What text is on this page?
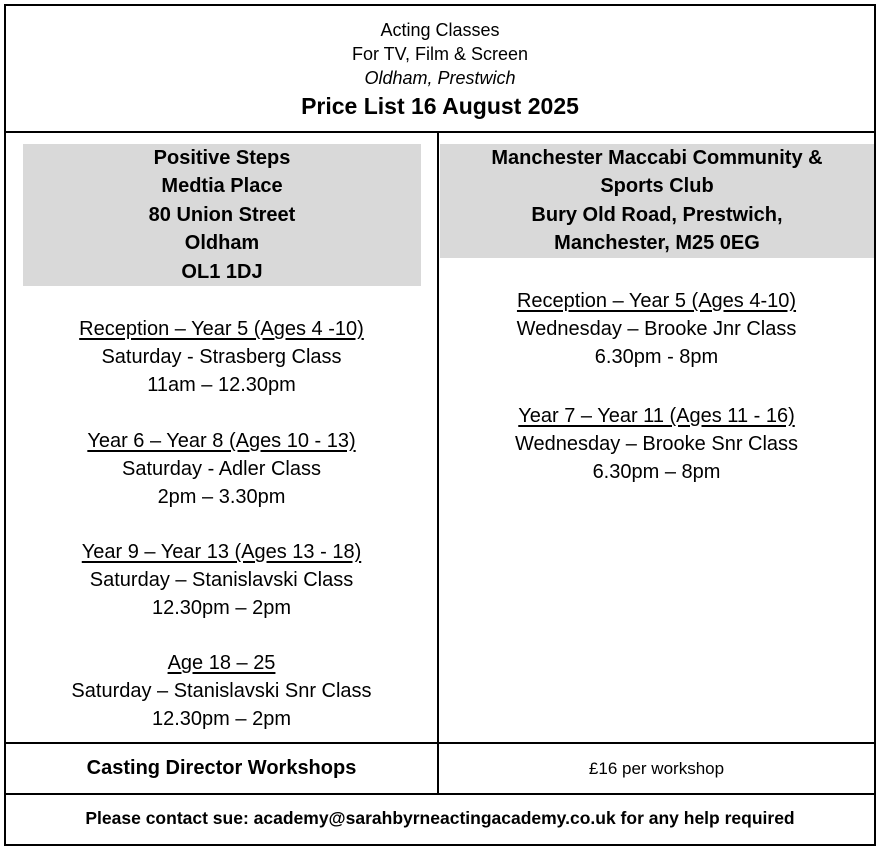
Acting Classes
For TV, Film & Screen
Oldham, Prestwich
Price List 16 August 2025
Positive Steps
Medtia Place
80 Union Street
Oldham
OL1 1DJ
Reception – Year 5 (Ages 4 -10)
Saturday - Strasberg Class
11am – 12.30pm
Year 6 – Year 8 (Ages 10 - 13)
Saturday - Adler Class
2pm – 3.30pm
Year 9 – Year 13 (Ages 13 - 18)
Saturday – Stanislavski Class
12.30pm – 2pm
Age 18 – 25
Saturday – Stanislavski Snr Class
12.30pm – 2pm
Manchester Maccabi Community &
Sports Club
Bury Old Road, Prestwich,
Manchester, M25 0EG
Reception – Year 5 (Ages 4-10)
Wednesday – Brooke Jnr Class
6.30pm - 8pm
Year 7 – Year 11 (Ages 11 - 16)
Wednesday – Brooke Snr Class
6.30pm – 8pm
Casting Director Workshops	£16 per workshop
Please contact sue: academy@sarahbyrneactingacademy.co.uk for any help required
